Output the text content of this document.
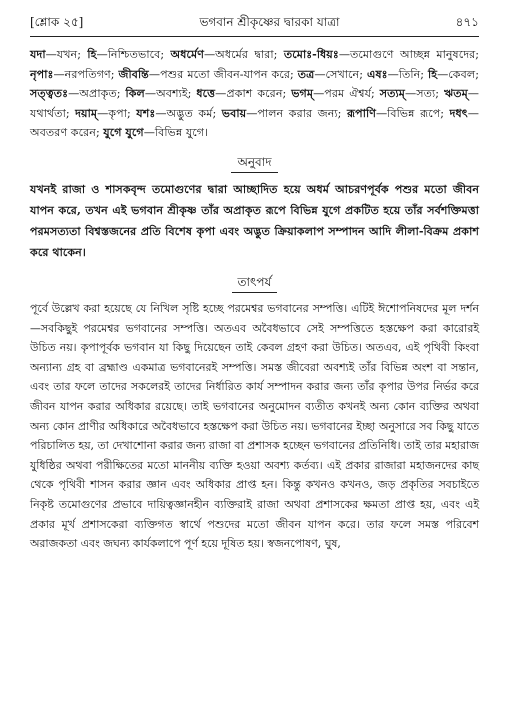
[শ্লোক ২৫]	ভগবান শ্রীকৃষ্ণের দ্বারকা যাত্রা	৪৭১

যদা—যখন; হি—নিশ্চিতভাবে; অধর্মেণ—অধর্মের দ্বারা; তমোঃ-ধিয়ঃ—তমোগুণে আচ্ছন্ন মানুষদের; নৃপাঃ—নরপতিগণ; জীবন্তি—পশুর মতো জীবন-যাপন করে; তত্র—সেখানে; এষঃ—তিনি; হি—কেবল; সত্ত্বতঃ—অপ্রাকৃত; কিল—অবশ্যই; ধত্তে—প্রকাশ করেন; ভগম্—পরম ঐশ্বর্য; সত্যম্—সত্য; ঋতম্—যথার্থতা; দয়াম্—কৃপা; যশঃ—অদ্ভুত কর্ম; ভবায়—পালন করার জন্য; রূপাণি—বিভিন্ন রূপে; দধৎ—অবতরণ করেন; যুগে যুগে—বিভিন্ন যুগে।

অনুবাদ

যখনই রাজা ও শাসকবৃন্দ তমোগুণের দ্বারা আচ্ছাদিত হয়ে অধর্ম আচরণপূর্বক পশুর মতো জীবন যাপন করে, তখন এই ভগবান শ্রীকৃষ্ণ তাঁর অপ্রাকৃত রূপে বিভিন্ন যুগে প্রকটিত হয়ে তাঁর সর্বশক্তিমত্তা পরমসত্যতা বিশ্বস্তজনের প্রতি বিশেষ কৃপা এবং অদ্ভুত ক্রিয়াকলাপ সম্পাদন আদি লীলা-বিক্রম প্রকাশ করে থাকেন।

তাৎপর্য

পূর্বে উল্লেখ করা হয়েছে যে নিখিল সৃষ্টি হচ্ছে পরমেশ্বর ভগবানের সম্পত্তি। এটিই ঈশোপনিষদের মূল দর্শন—সবকিছুই পরমেশ্বর ভগবানের সম্পত্তি। অতএব অবৈধভাবে সেই সম্পত্তিতে হস্তক্ষেপ করা কারোরই উচিত নয়। কৃপাপূর্বক ভগবান যা কিছু দিয়েছেন তাই কেবল গ্রহণ করা উচিত। অতএব, এই পৃথিবী কিংবা অন্যান্য গ্রহ বা ব্রহ্মাণ্ড একমাত্র ভগবানেরই সম্পত্তি। সমস্ত জীবেরা অবশ্যই তাঁর বিভিন্ন অংশ বা সন্তান, এবং তার ফলে তাদের সকলেরই তাদের নির্ধারিত কার্য সম্পাদন করার জন্য তাঁর কৃপার উপর নির্ভর করে জীবন যাপন করার অধিকার রয়েছে। তাই ভগবানের অনুমোদন ব্যতীত কখনই অন্য কোন ব্যক্তির অথবা অন্য কোন প্রাণীর অধিকারে অবৈধভাবে হস্তক্ষেপ করা উচিত নয়। ভগবানের ইচ্ছা অনুসারে সব কিছু যাতে পরিচালিত হয়, তা দেখাশোনা করার জন্য রাজা বা প্রশাসক হচ্ছেন ভগবানের প্রতিনিধি। তাই তার মহারাজ যুধিষ্ঠির অথবা পরীক্ষিতের মতো মাননীয় ব্যক্তি হওয়া অবশ্য কর্তব্য। এই প্রকার রাজারা মহাজনদের কাছ থেকে পৃথিবী শাসন করার জ্ঞান এবং অধিকার প্রাপ্ত হন। কিন্তু কখনও কখনও, জড় প্রকৃতির সবচাইতে নিকৃষ্ট তমোগুণের প্রভাবে দায়িত্বজ্ঞানহীন ব্যক্তিরাই রাজা অথবা প্রশাসকের ক্ষমতা প্রাপ্ত হয়, এবং এই প্রকার মূর্খ প্রশাসকেরা ব্যক্তিগত স্বার্থে পশুদের মতো জীবন যাপন করে। তার ফলে সমস্ত পরিবেশ অরাজকতা এবং জঘন্য কার্যকলাপে পূর্ণ হয়ে দূষিত হয়। স্বজনপোষণ, ঘুষ,
